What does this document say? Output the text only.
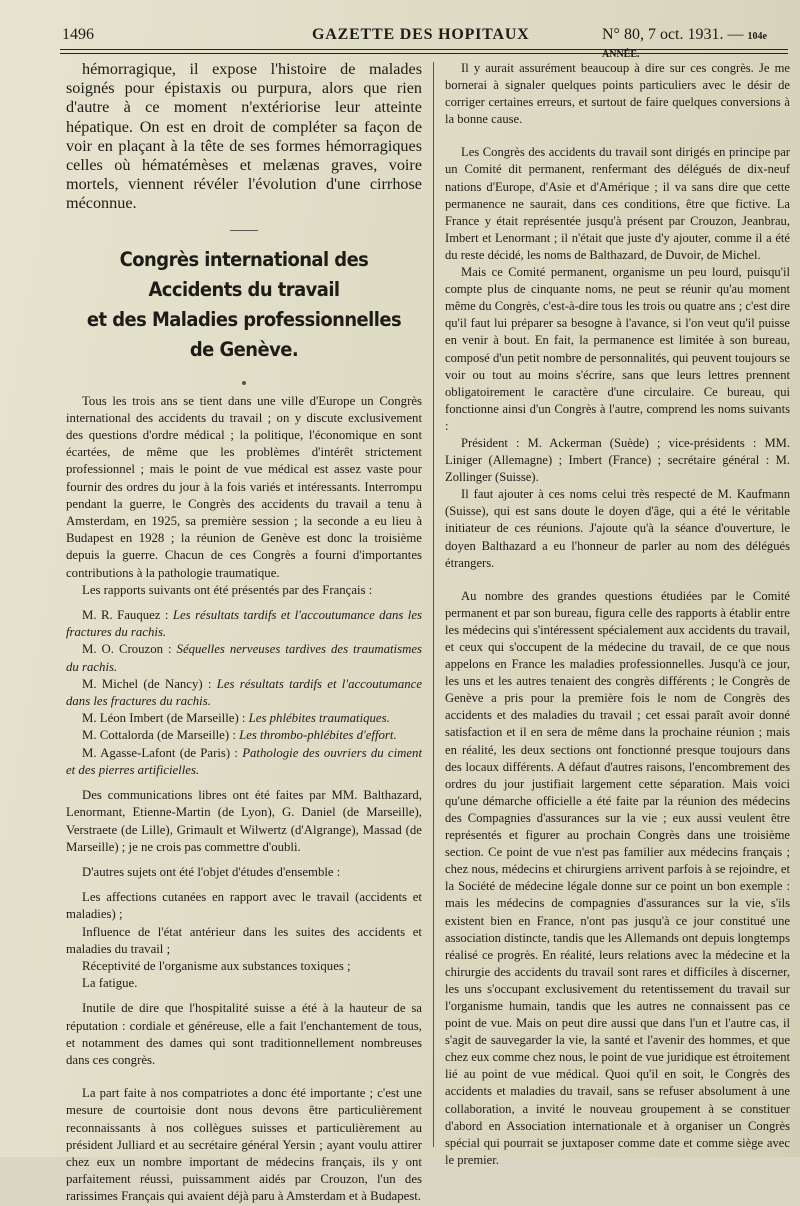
1496	GAZETTE DES HOPITAUX	N° 80, 7 oct. 1931. — 104e ANNÉE.

hémorragique, il expose l'histoire de malades soignés pour épistaxis ou purpura, alors que rien d'autre à ce moment n'extériorise leur atteinte hépatique. On est en droit de compléter sa façon de voir en plaçant à la tête de ses formes hémorragiques celles où hématémèses et melænas graves, voire mortels, viennent révéler l'évolution d'une cirrhose méconnue.

Congrès international des Accidents du travail
et des Maladies professionnelles de Genève.

Tous les trois ans se tient dans une ville d'Europe un Congrès international des accidents du travail ; on y discute exclusivement des questions d'ordre médical ; la politique, l'économique en sont écartées, de même que les problèmes d'intérêt strictement professionnel ; mais le point de vue médical est assez vaste pour fournir des ordres du jour à la fois variés et intéressants. Interrompu pendant la guerre, le Congrès des accidents du travail a tenu à Amsterdam, en 1925, sa première session ; la seconde a eu lieu à Budapest en 1928 ; la réunion de Genève est donc la troisième depuis la guerre. Chacun de ces Congrès a fourni d'importantes contributions à la pathologie traumatique.

Les rapports suivants ont été présentés par des Français :

M. R. Fauquez : Les résultats tardifs et l'accoutumance dans les fractures du rachis.

M. O. Crouzon : Séquelles nerveuses tardives des traumatismes du rachis.

M. Michel (de Nancy) : Les résultats tardifs et l'accoutumance dans les fractures du rachis.

M. Léon Imbert (de Marseille) : Les phlébites traumatiques.

M. Cottalorda (de Marseille) : Les thrombo-phlébites d'effort.

M. Agasse-Lafont (de Paris) : Pathologie des ouvriers du ciment et des pierres artificielles.

Des communications libres ont été faites par MM. Balthazard, Lenormant, Etienne-Martin (de Lyon), G. Daniel (de Marseille), Verstraete (de Lille), Grimault et Wilwertz (d'Algrange), Massad (de Marseille) ; je ne crois pas commettre d'oubli.

D'autres sujets ont été l'objet d'études d'ensemble :

Les affections cutanées en rapport avec le travail (accidents et maladies) ;

Influence de l'état antérieur dans les suites des accidents et maladies du travail ;

Réceptivité de l'organisme aux substances toxiques ;

La fatigue.

Inutile de dire que l'hospitalité suisse a été à la hauteur de sa réputation : cordiale et généreuse, elle a fait l'enchantement de tous, et notamment des dames qui sont traditionnellement nombreuses dans ces congrès.

La part faite à nos compatriotes a donc été importante ; c'est une mesure de courtoisie dont nous devons être particulièrement reconnaissants à nos collègues suisses et particulièrement au président Julliard et au secrétaire général Yersin ; ayant voulu attirer chez eux un nombre important de médecins français, ils y ont parfaitement réussi, puissamment aidés par Crouzon, l'un des rarissimes Français qui avaient déjà paru à Amsterdam et à Budapest.

Il y aurait assurément beaucoup à dire sur ces congrès. Je me bornerai à signaler quelques points particuliers avec le désir de corriger certaines erreurs, et surtout de faire quelques conversions à la bonne cause.

Les Congrès des accidents du travail sont dirigés en principe par un Comité dit permanent, renfermant des délégués de dix-neuf nations d'Europe, d'Asie et d'Amérique ; il va sans dire que cette permanence ne saurait, dans ces conditions, être que fictive. La France y était représentée jusqu'à présent par Crouzon, Jeanbrau, Imbert et Lenormant ; il n'était que juste d'y ajouter, comme il a été du reste décidé, les noms de Balthazard, de Duvoir, de Michel.

Mais ce Comité permanent, organisme un peu lourd, puisqu'il compte plus de cinquante noms, ne peut se réunir qu'au moment même du Congrès, c'est-à-dire tous les trois ou quatre ans ; c'est dire qu'il faut lui préparer sa besogne à l'avance, si l'on veut qu'il puisse en venir à bout. En fait, la permanence est limitée à son bureau, composé d'un petit nombre de personnalités, qui peuvent toujours se voir ou tout au moins s'écrire, sans que leurs lettres prennent obligatoirement le caractère d'une circulaire. Ce bureau, qui fonctionne ainsi d'un Congrès à l'autre, comprend les noms suivants :

Président : M. Ackerman (Suède) ; vice-présidents : MM. Liniger (Allemagne) ; Imbert (France) ; secrétaire général : M. Zollinger (Suisse).

Il faut ajouter à ces noms celui très respecté de M. Kaufmann (Suisse), qui est sans doute le doyen d'âge, qui a été le véritable initiateur de ces réunions. J'ajoute qu'à la séance d'ouverture, le doyen Balthazard a eu l'honneur de parler au nom des délégués étrangers.

Au nombre des grandes questions étudiées par le Comité permanent et par son bureau, figura celle des rapports à établir entre les médecins qui s'intéressent spécialement aux accidents du travail, et ceux qui s'occupent de la médecine du travail, de ce que nous appelons en France les maladies professionnelles. Jusqu'à ce jour, les uns et les autres tenaient des congrès différents ; le Congrès de Genève a pris pour la première fois le nom de Congrès des accidents et des maladies du travail ; cet essai paraît avoir donné satisfaction et il en sera de même dans la prochaine réunion ; mais en réalité, les deux sections ont fonctionné presque toujours dans des locaux différents. A défaut d'autres raisons, l'encombrement des ordres du jour justifiait largement cette séparation. Mais voici qu'une démarche officielle a été faite par la réunion des médecins des Compagnies d'assurances sur la vie ; eux aussi veulent être représentés et figurer au prochain Congrès dans une troisième section. Ce point de vue n'est pas familier aux médecins français ; chez nous, médecins et chirurgiens arrivent parfois à se rejoindre, et la Société de médecine légale donne sur ce point un bon exemple : mais les médecins de compagnies d'assurances sur la vie, s'ils existent bien en France, n'ont pas jusqu'à ce jour constitué une association distincte, tandis que les Allemands ont depuis longtemps réalisé ce progrès. En réalité, leurs relations avec la médecine et la chirurgie des accidents du travail sont rares et difficiles à discerner, les uns s'occupant exclusivement du retentissement du travail sur l'organisme humain, tandis que les autres ne connaissent pas ce point de vue. Mais on peut dire aussi que dans l'un et l'autre cas, il s'agit de sauvegarder la vie, la santé et l'avenir des hommes, et que chez eux comme chez nous, le point de vue juridique est étroitement lié au point de vue médical. Quoi qu'il en soit, le Congrès des accidents et maladies du travail, sans se refuser absolument à une collaboration, a invité le nouveau groupement à se constituer d'abord en Association internationale et à organiser un Congrès spécial qui pourrait se juxtaposer comme date et comme siège avec le premier.
